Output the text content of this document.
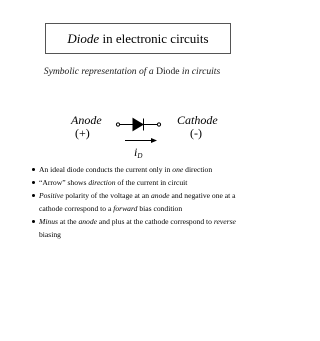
Diode
in electronic circuits
Symbolic representation of a Diode in circuits
Anode
(+)
Cathode
(-)
$i_D$
An ideal diode conducts the current only in one direction
“Arrow” shows direction of the current in circuit
Positive polarity of the voltage at an anode and negative one at a cathode correspond to a forward bias condition
Minus at the anode and plus at the cathode correspond to reverse biasing
